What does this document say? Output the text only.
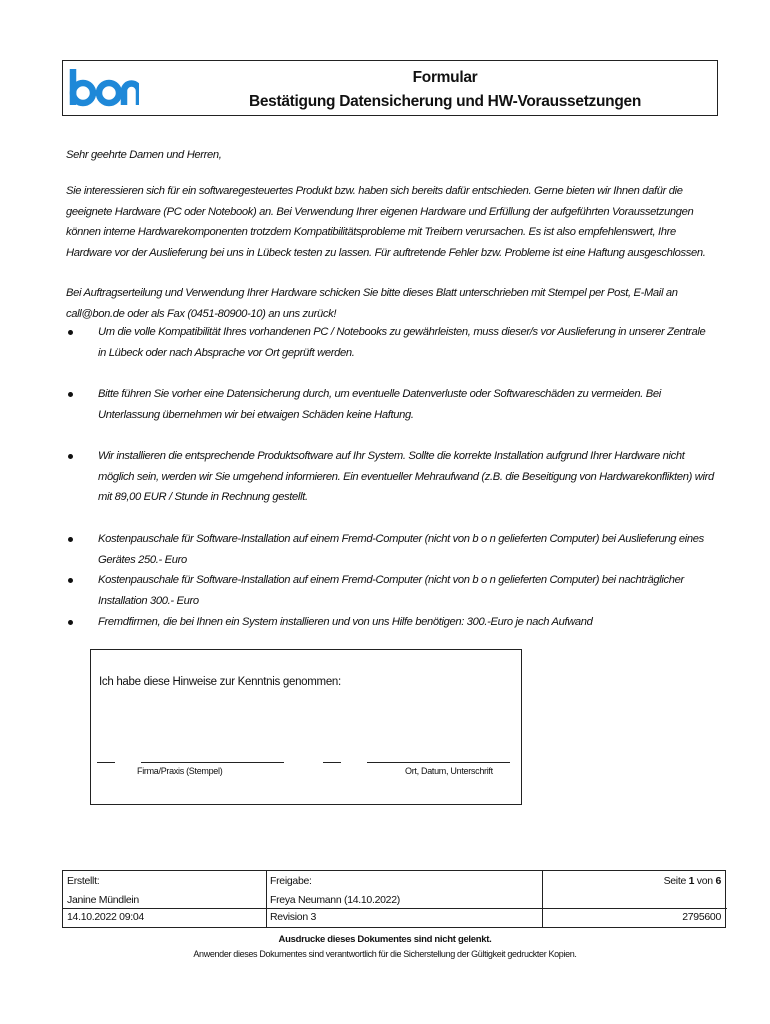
Formular
Bestätigung Datensicherung und HW-Voraussetzungen
Sehr geehrte Damen und Herren,
Sie interessieren sich für ein softwaregesteuertes Produkt bzw. haben sich bereits dafür entschieden. Gerne bieten wir Ihnen dafür die geeignete Hardware (PC oder Notebook) an. Bei Verwendung Ihrer eigenen Hardware und Erfüllung der aufgeführten Voraussetzungen können interne Hardwarekomponenten trotzdem Kompatibilitätsprobleme mit Treibern verursachen. Es ist also empfehlenswert, Ihre Hardware vor der Auslieferung bei uns in Lübeck testen zu lassen. Für auftretende Fehler bzw. Probleme ist eine Haftung ausgeschlossen.
Bei Auftragserteilung und Verwendung Ihrer Hardware schicken Sie bitte dieses Blatt unterschrieben mit Stempel per Post, E-Mail an call@bon.de oder als Fax (0451-80900-10) an uns zurück!
Um die volle Kompatibilität Ihres vorhandenen PC / Notebooks zu gewährleisten, muss dieser/s vor Auslieferung in unserer Zentrale in Lübeck oder nach Absprache vor Ort geprüft werden.
Bitte führen Sie vorher eine Datensicherung durch, um eventuelle Datenverluste oder Softwareschäden zu vermeiden. Bei Unterlassung übernehmen wir bei etwaigen Schäden keine Haftung.
Wir installieren die entsprechende Produktsoftware auf Ihr System. Sollte die korrekte Installation aufgrund Ihrer Hardware nicht möglich sein, werden wir Sie umgehend informieren. Ein eventueller Mehraufwand (z.B. die Beseitigung von Hardwarekonflikten) wird mit 89,00 EUR / Stunde in Rechnung gestellt.
Kostenpauschale für Software-Installation auf einem Fremd-Computer (nicht von b o n gelieferten Computer) bei Auslieferung eines Gerätes 250.- Euro
Kostenpauschale für Software-Installation auf einem Fremd-Computer (nicht von b o n gelieferten Computer) bei nachträglicher Installation 300.- Euro
Fremdfirmen, die bei Ihnen ein System installieren und von uns Hilfe benötigen: 300.-Euro je nach Aufwand
Ich habe diese Hinweise zur Kenntnis genommen:
Firma/Praxis (Stempel)	Ort, Datum, Unterschrift
Erstellt:
Janine Mündlein
14.10.2022 09:04
Freigabe:
Freya Neumann (14.10.2022)
Revision 3
Seite 1 von 6
2795600
Ausdrucke dieses Dokumentes sind nicht gelenkt.
Anwender dieses Dokumentes sind verantwortlich für die Sicherstellung der Gültigkeit gedruckter Kopien.
